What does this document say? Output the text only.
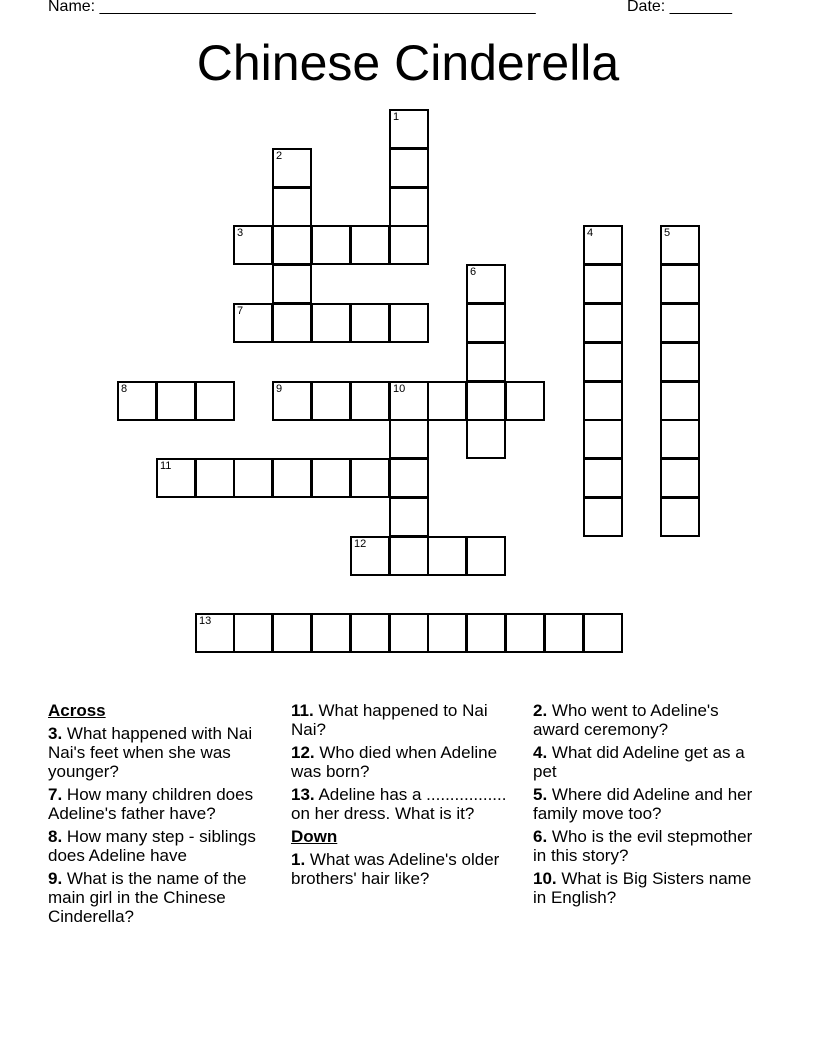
Name: _________________________________________________	Date: _______
Chinese Cinderella
1
2
3	4	5
6
7
8	9	10
11
12
13
Across
3. What happened with Nai Nai's feet when she was younger?
7. How many children does Adeline's father have?
8. How many step - siblings does Adeline have
9. What is the name of the main girl in the Chinese Cinderella?
11. What happened to Nai Nai?
12. Who died when Adeline was born?
13. Adeline has a ................. on her dress. What is it?
Down
1. What was Adeline's older brothers' hair like?
2. Who went to Adeline's award ceremony?
4. What did Adeline get as a pet
5. Where did Adeline and her family move too?
6. Who is the evil stepmother in this story?
10. What is Big Sisters name in English?
